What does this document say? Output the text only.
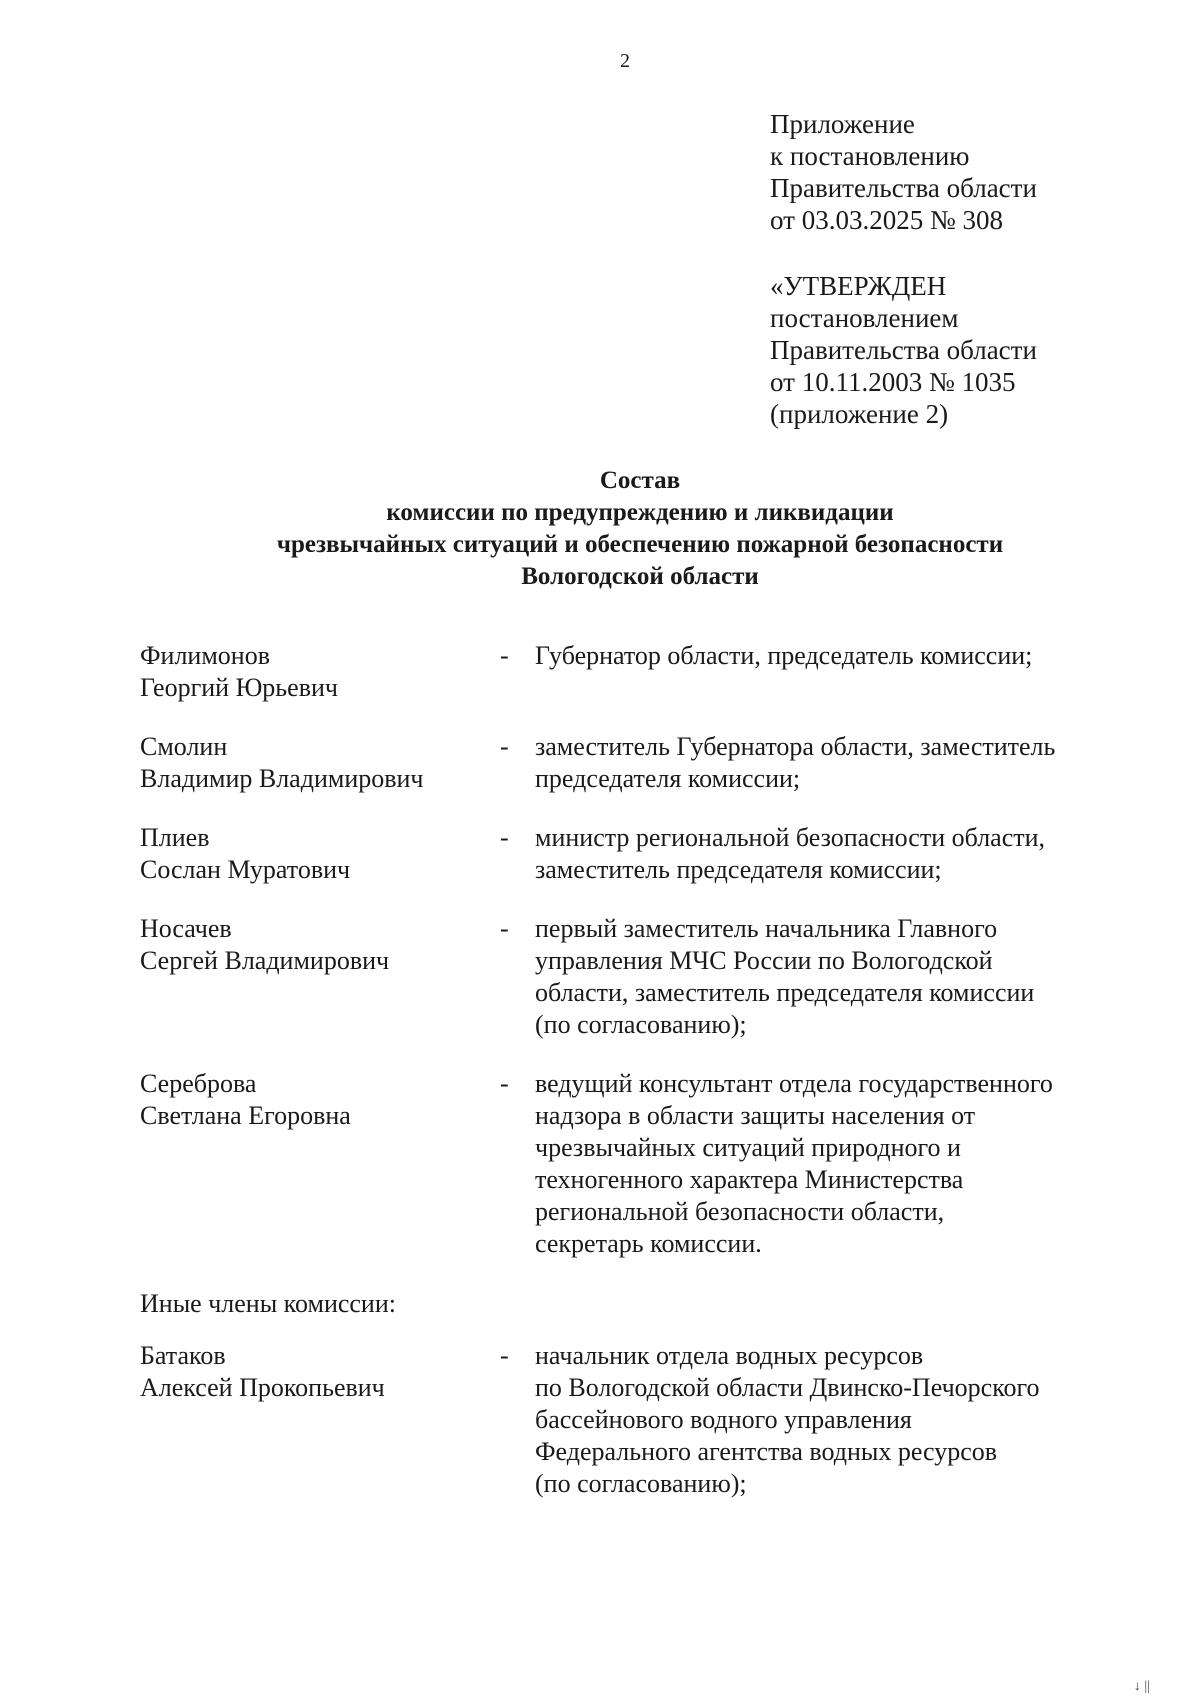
2
Приложение
к постановлению
Правительства области
от 03.03.2025 № 308
«УТВЕРЖДЕН
постановлением
Правительства области
от 10.11.2003 № 1035
(приложение 2)
Состав
комиссии по предупреждению и ликвидации
чрезвычайных ситуаций и обеспечению пожарной безопасности
Вологодской области
Филимонов
Георгий Юрьевич
-	Губернатор области, председатель комиссии;
Смолин
Владимир Владимирович
-	заместитель Губернатора области, заместитель
председателя комиссии;
Плиев
Сослан Муратович
-	министр региональной безопасности области,
заместитель председателя комиссии;
Носачев
Сергей Владимирович
-	первый заместитель начальника Главного
управления МЧС России по Вологодской
области, заместитель председателя комиссии
(по согласованию);
Сереброва
Светлана Егоровна
-	ведущий консультант отдела государственного
надзора в области защиты населения от
чрезвычайных ситуаций природного и
техногенного характера Министерства
региональной безопасности области,
секретарь комиссии.
Иные члены комиссии:
Батаков
Алексей Прокопьевич
-	начальник отдела водных ресурсов
по Вологодской области Двинско-Печорского
бассейнового водного управления
Федерального агентства водных ресурсов
(по согласованию);
↓ ||
